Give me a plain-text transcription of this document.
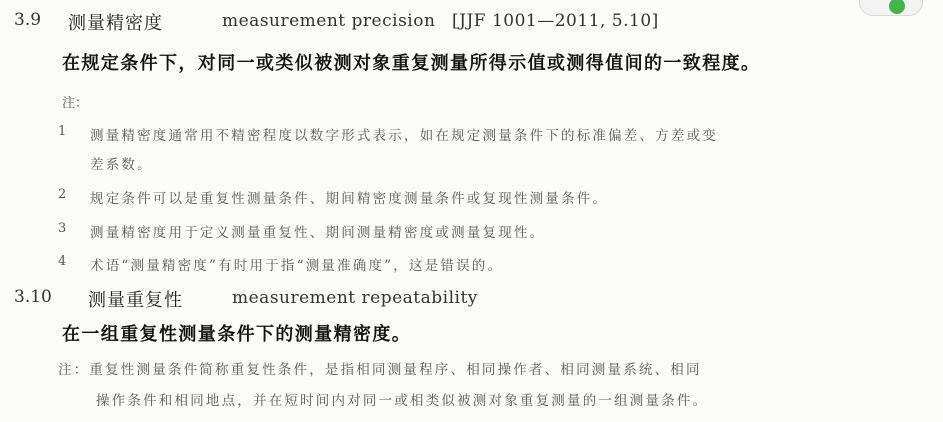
3.9 测量精密度	measurement precision [JJF 1001—2011, 5.10]
在规定条件下，对同一或类似被测对象重复测量所得示值或测得值间的一致程度。
注：
1 测量精密度通常用不精密程度以数字形式表示，如在规定测量条件下的标准偏差、方差或变
差系数。
2 规定条件可以是重复性测量条件、期间精密度测量条件或复现性测量条件。
3 测量精密度用于定义测量重复性、期间测量精密度或测量复现性。
4 术语“测量精密度”有时用于指“测量准确度”，这是错误的。
3.10 测量重复性	measurement repeatability
在一组重复性测量条件下的测量精密度。
注：重复性测量条件简称重复性条件，是指相同测量程序、相同操作者、相同测量系统、相同
操作条件和相同地点，并在短时间内对同一或相类似被测对象重复测量的一组测量条件。
